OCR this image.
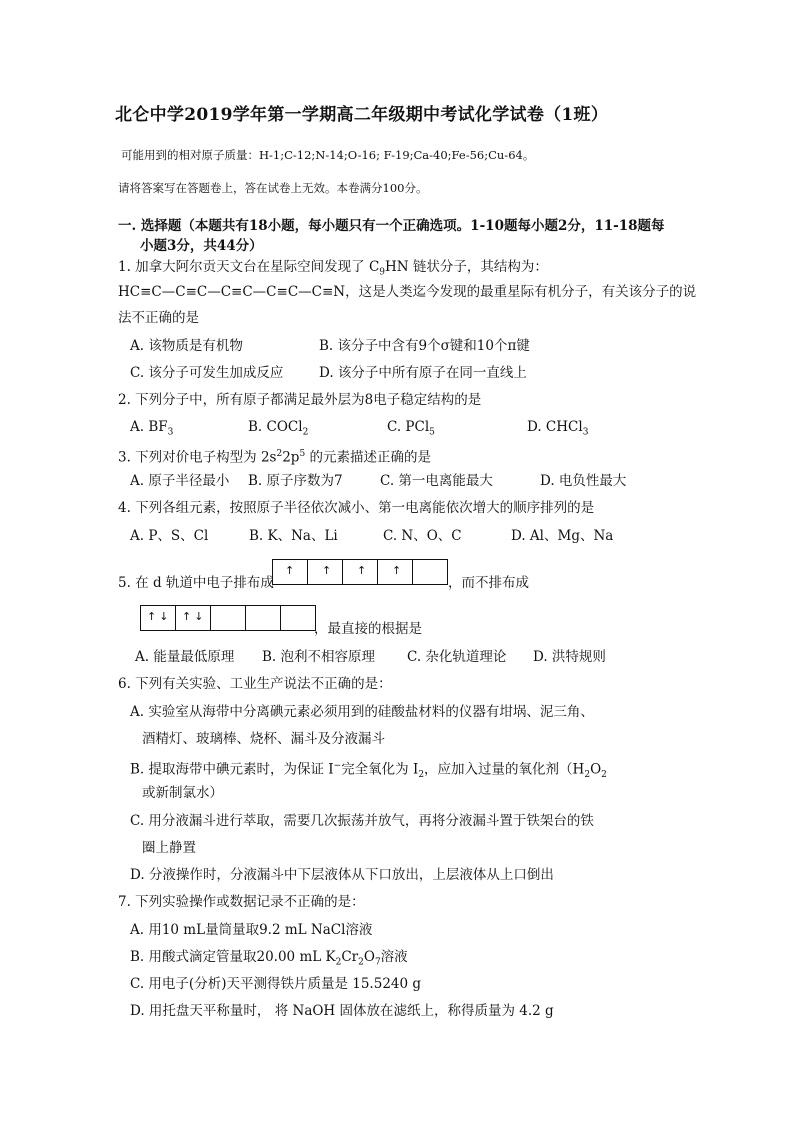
北仑中学2019学年第一学期高二年级期中考试化学试卷（1班）
可能用到的相对原子质量：H-1;C-12;N-14;O-16; F-19;Ca-40;Fe-56;Cu-64。
请将答案写在答题卷上，答在试卷上无效。本卷满分100分。
一. 选择题（本题共有18小题，每小题只有一个正确选项。1-10题每小题2分，11-18题每
小题3分，共44分）
1. 加拿大阿尔贡天文台在星际空间发现了 $C_9HN$ 链状分子，其结构为：
HC≡C—C≡C—C≡C—C≡C—C≡N，这是人类迄今发现的最重星际有机分子，有关该分子的说
法不正确的是
A. 该物质是有机物	B. 该分子中含有9个σ键和10个π键
C. 该分子可发生加成反应	D. 该分子中所有原子在同一直线上
2. 下列分子中，所有原子都满足最外层为8电子稳定结构的是
A. $BF_3$	B. COCl$_2$	C. PCl$_5$	D. CHCl$_3$
3. 下列对价电子构型为 $2s^22p^5$ 的元素描述正确的是
A. 原子半径最小 B. 原子序数为7	C. 第一电离能最大	D. 电负性最大
4. 下列各组元素，按照原子半径依次减小、第一电离能依次增大的顺序排列的是
A. P、S、Cl	B. K、Na、Li	C. N、O、C	D. Al、Mg、Na
5. 在 d 轨道中电子排布成
↑	↑ ↑ ↑
，而不排布成
↑↓ ↑↓
，最直接的根据是
A. 能量最低原理 B. 泡利不相容原理 C. 杂化轨道理论 D. 洪特规则
6. 下列有关实验、工业生产说法不正确的是：
A. 实验室从海带中分离碘元素必须用到的硅酸盐材料的仪器有坩埚、泥三角、
酒精灯、玻璃棒、烧杯、漏斗及分液漏斗
B. 提取海带中碘元素时，为保证 I−完全氧化为 $I_2$，应加入过量的氧化剂（$H_2O_2$
或新制氯水）
C. 用分液漏斗进行萃取，需要几次振荡并放气，再将分液漏斗置于铁架台的铁
圈上静置
D. 分液操作时，分液漏斗中下层液体从下口放出，上层液体从上口倒出
7. 下列实验操作或数据记录不正确的是：
A. 用10 mL量筒量取9.2 mL NaCl溶液
B. 用酸式滴定管量取20.00 mL $K_2Cr_2O_7$溶液
C. 用电子(分析)天平测得铁片质量是 15.5240 g
D. 用托盘天平称量时， 将 NaOH 固体放在滤纸上，称得质量为 4.2 g
